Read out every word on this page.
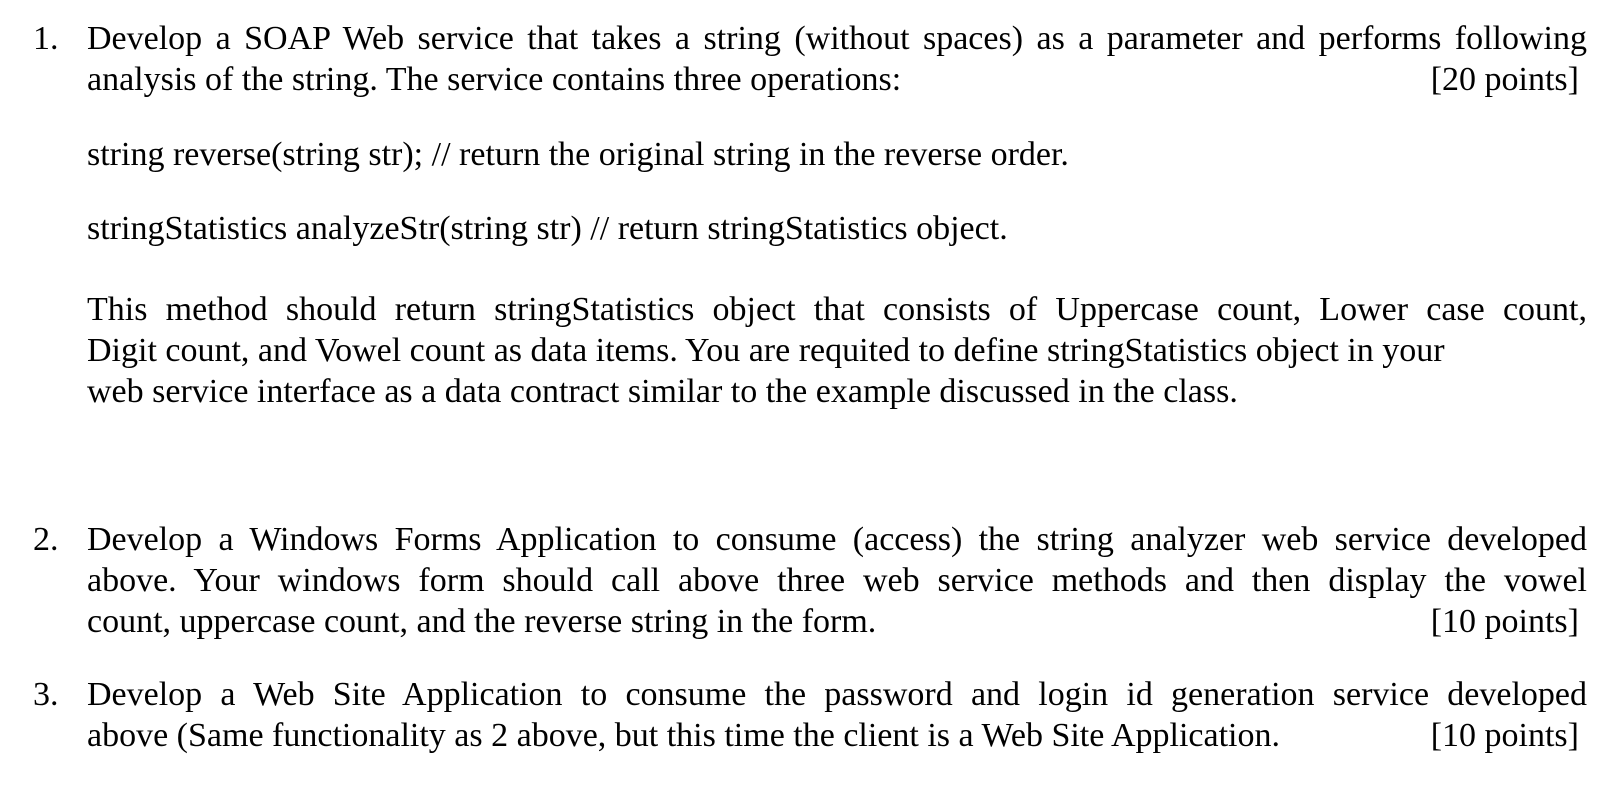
1. Develop a SOAP Web service that takes a string (without spaces) as a parameter and performs following
analysis of the string. The service contains three operations:	[20 points]
string reverse(string str); // return the original string in the reverse order.
stringStatistics analyzeStr(string str) // return stringStatistics object.
This method should return stringStatistics object that consists of Uppercase count, Lower case count,
Digit count, and Vowel count as data items. You are requited to define stringStatistics object in your
web service interface as a data contract similar to the example discussed in the class.
2. Develop a Windows Forms Application to consume (access) the string analyzer web service developed
above. Your windows form should call above three web service methods and then display the vowel
count, uppercase count, and the reverse string in the form.	[10 points]
3. Develop a Web Site Application to consume the password and login id generation service developed
above (Same functionality as 2 above, but this time the client is a Web Site Application.	[10 points]
